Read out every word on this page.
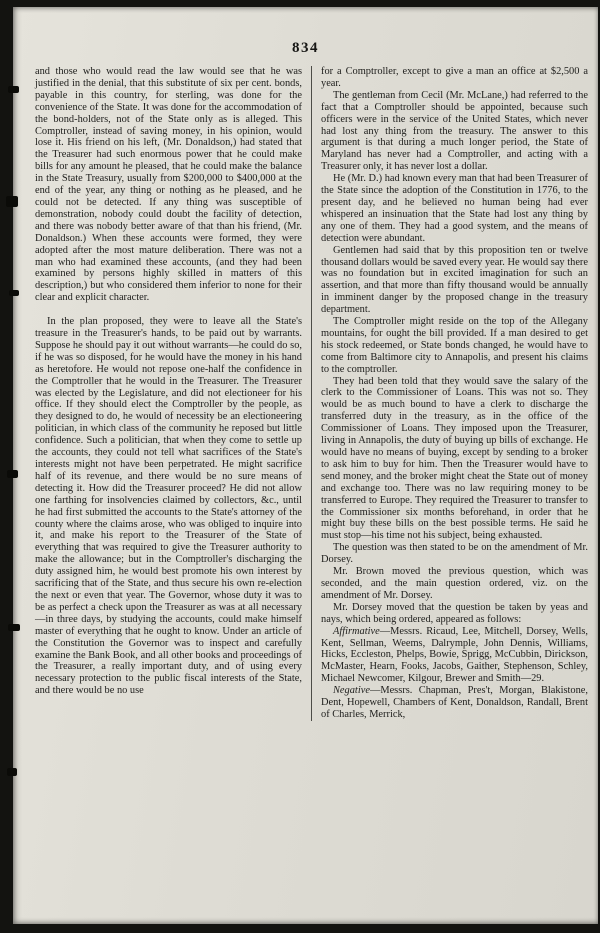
834

and those who would read the law would see that he was justified in the denial, that this substitute of six per cent. bonds, payable in this country, for sterling, was done for the convenience of the State. It was done for the accommodation of the bond-holders, not of the State only as is alleged. This Comptroller, instead of saving money, in his opinion, would lose it. His friend on his left, (Mr. Donaldson,) had stated that the Treasurer had such enormous power that he could make bills for any amount he pleased, that he could make the balance in the State Treasury, usually from $200,000 to $400,000 at the end of the year, any thing or nothing as he pleased, and he could not be detected. If any thing was susceptible of demonstration, nobody could doubt the facility of detection, and there was nobody better aware of that than his friend, (Mr. Donaldson.) When these accounts were formed, they were adopted after the most mature deliberation. There was not a man who had examined these accounts, (and they had been examined by persons highly skilled in matters of this description,) but who considered them inferior to none for their clear and explicit character.

In the plan proposed, they were to leave all the State's treasure in the Treasurer's hands, to be paid out by warrants. Suppose he should pay it out without warrants—he could do so, if he was so disposed, for he would have the money in his hand as heretofore. He would not repose one-half the confidence in the Comptroller that he would in the Treasurer. The Treasurer was elected by the Legislature, and did not electioneer for his office. If they should elect the Comptroller by the people, as they designed to do, he would of necessity be an electioneering politician, in which class of the community he reposed but little confidence. Such a politician, that when they come to settle up the accounts, they could not tell what sacrifices of the State's interests might not have been perpetrated. He might sacrifice half of its revenue, and there would be no sure means of detecting it. How did the Treasurer proceed? He did not allow one farthing for insolvencies claimed by collectors, &c., until he had first submitted the accounts to the State's attorney of the county where the claims arose, who was obliged to inquire into it, and make his report to the Treasurer of the State of everything that was required to give the Treasurer authority to make the allowance; but in the Comptroller's discharging the duty assigned him, he would best promote his own interest by sacrificing that of the State, and thus secure his own re-election the next or even that year. The Governor, whose duty it was to be as perfect a check upon the Treasurer as was at all necessary—in three days, by studying the accounts, could make himself master of everything that he ought to know. Under an article of the Constitution the Governor was to inspect and carefully examine the Bank Book, and all other books and proceedings of the Treasurer, a really important duty, and of using every necessary protection to the public fiscal interests of the State, and there would be no use

for a Comptroller, except to give a man an office at $2,500 a year.

The gentleman from Cecil (Mr. McLane,) had referred to the fact that a Comptroller should be appointed, because such officers were in the service of the United States, which never had lost any thing from the treasury. The answer to this argument is that during a much longer period, the State of Maryland has never had a Comptroller, and acting with a Treasurer only, it has never lost a dollar.

He (Mr. D.) had known every man that had been Treasurer of the State since the adoption of the Constitution in 1776, to the present day, and he believed no human being had ever whispered an insinuation that the State had lost any thing by any one of them. They had a good system, and the means of detection were abundant.

Gentlemen had said that by this proposition ten or twelve thousand dollars would be saved every year. He would say there was no foundation but in excited imagination for such an assertion, and that more than fifty thousand would be annually in imminent danger by the proposed change in the treasury department.

The Comptroller might reside on the top of the Allegany mountains, for ought the bill provided. If a man desired to get his stock redeemed, or State bonds changed, he would have to come from Baltimore city to Annapolis, and present his claims to the comptroller.

They had been told that they would save the salary of the clerk to the Commissioner of Loans. This was not so. They would be as much bound to have a clerk to discharge the transferred duty in the treasury, as in the office of the Commissioner of Loans. They imposed upon the Treasurer, living in Annapolis, the duty of buying up bills of exchange. He would have no means of buying, except by sending to a broker to ask him to buy for him. Then the Treasurer would have to send money, and the broker might cheat the State out of money and exchange too. There was no law requiring money to be transferred to Europe. They required the Treasurer to transfer to the Commissioner six months beforehand, in order that he might buy these bills on the best possible terms. He said he must stop—his time not his subject, being exhausted.

The question was then stated to be on the amendment of Mr. Dorsey.

Mr. Brown moved the previous question, which was seconded, and the main question ordered, viz. on the amendment of Mr. Dorsey.

Mr. Dorsey moved that the question be taken by yeas and nays, which being ordered, appeared as follows:

Affirmative—Messrs. Ricaud, Lee, Mitchell, Dorsey, Wells, Kent, Sellman, Weems, Dalrymple, John Dennis, Williams, Hicks, Eccleston, Phelps, Bowie, Sprigg, McCubbin, Dirickson, McMaster, Hearn, Fooks, Jacobs, Gaither, Stephenson, Schley, Michael Newcomer, Kilgour, Brewer and Smith—29.

Negative—Messrs. Chapman, Pres't, Morgan, Blakistone, Dent, Hopewell, Chambers of Kent, Donaldson, Randall, Brent of Charles, Merrick,
